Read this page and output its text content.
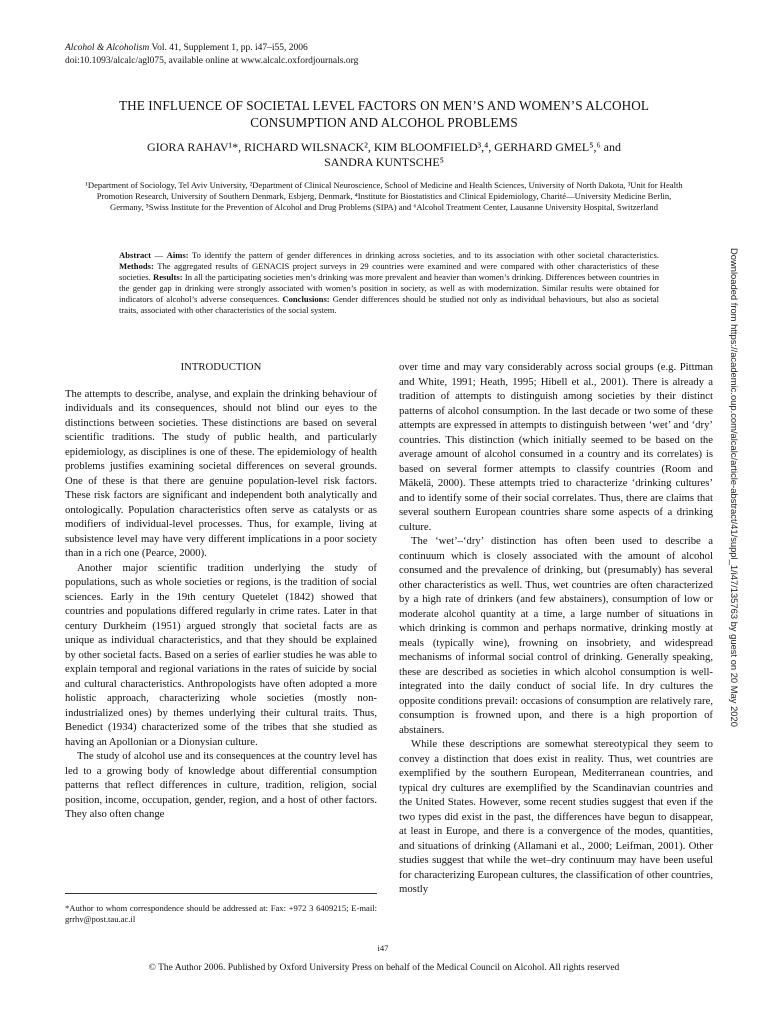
Alcohol & Alcoholism Vol. 41, Supplement 1, pp. i47–i55, 2006
doi:10.1093/alcalc/agl075, available online at www.alcalc.oxfordjournals.org
THE INFLUENCE OF SOCIETAL LEVEL FACTORS ON MEN’S AND WOMEN’S ALCOHOL
CONSUMPTION AND ALCOHOL PROBLEMS
GIORA RAHAV¹*, RICHARD WILSNACK², KIM BLOOMFIELD³,⁴, GERHARD GMEL⁵,⁶ and
SANDRA KUNTSCHE⁵
¹Department of Sociology, Tel Aviv University, ²Department of Clinical Neuroscience, School of Medicine and Health Sciences, University of North Dakota, ³Unit for Health Promotion Research, University of Southern Denmark, Esbjerg, Denmark, ⁴Institute for Biostatistics and Clinical Epidemiology, Charité—University Medicine Berlin, Germany, ⁵Swiss Institute for the Prevention of Alcohol and Drug Problems (SIPA) and ⁶Alcohol Treatment Center, Lausanne University Hospital, Switzerland
Abstract — Aims: To identify the pattern of gender differences in drinking across societies, and to its association with other societal characteristics. Methods: The aggregated results of GENACIS project surveys in 29 countries were examined and were compared with other characteristics of these societies. Results: In all the participating societies men’s drinking was more prevalent and heavier than women’s drinking. Differences between countries in the gender gap in drinking were strongly associated with women’s position in society, as well as with modernization. Similar results were obtained for indicators of alcohol’s adverse consequences. Conclusions: Gender differences should be studied not only as individual behaviours, but also as societal traits, associated with other characteristics of the social system.	Downloaded from https://academic.oup.com/alcalc/article-abstract/41/suppl_1/i47/135763 by guest on 20 May 2020
INTRODUCTION

The attempts to describe, analyse, and explain the drinking behaviour of individuals and its consequences, should not blind our eyes to the distinctions between societies. These distinctions are based on several scientific traditions. The study of public health, and particularly epidemiology, as disciplines is one of these. The epidemiology of health problems justifies examining societal differences on several grounds. One of these is that there are genuine population-level risk factors. These risk factors are significant and independent both analytically and ontologically. Population characteristics often serve as catalysts or as modifiers of individual-level processes. Thus, for example, living at subsistence level may have very different implications in a poor society than in a rich one (Pearce, 2000).

Another major scientific tradition underlying the study of populations, such as whole societies or regions, is the tradition of social sciences. Early in the 19th century Quetelet (1842) showed that countries and populations differed regularly in crime rates. Later in that century Durkheim (1951) argued strongly that societal facts are as unique as individual characteristics, and that they should be explained by other societal facts. Based on a series of earlier studies he was able to explain temporal and regional variations in the rates of suicide by social and cultural characteristics. Anthropologists have often adopted a more holistic approach, characterizing whole societies (mostly non-industrialized ones) by themes underlying their cultural traits. Thus, Benedict (1934) characterized some of the tribes that she studied as having an Apollonian or a Dionysian culture.

The study of alcohol use and its consequences at the country level has led to a growing body of knowledge about differential consumption patterns that reflect differences in culture, tradition, religion, social position, income, occupation, gender, region, and a host of other factors. They also often change

over time and may vary considerably across social groups (e.g. Pittman and White, 1991; Heath, 1995; Hibell et al., 2001). There is already a tradition of attempts to distinguish among societies by their distinct patterns of alcohol consumption. In the last decade or two some of these attempts are expressed in attempts to distinguish between ‘wet’ and ‘dry’ countries. This distinction (which initially seemed to be based on the average amount of alcohol consumed in a country and its correlates) is based on several former attempts to classify countries (Room and Mäkelä, 2000). These attempts tried to characterize ‘drinking cultures’ and to identify some of their social correlates. Thus, there are claims that several southern European countries share some aspects of a drinking culture.

The ‘wet’–‘dry’ distinction has often been used to describe a continuum which is closely associated with the amount of alcohol consumed and the prevalence of drinking, but (presumably) has several other characteristics as well. Thus, wet countries are often characterized by a high rate of drinkers (and few abstainers), consumption of low or moderate alcohol quantity at a time, a large number of situations in which drinking is common and perhaps normative, drinking mostly at meals (typically wine), frowning on insobriety, and widespread mechanisms of informal social control of drinking. Generally speaking, these are described as societies in which alcohol consumption is well-integrated into the daily conduct of social life. In dry cultures the opposite conditions prevail: occasions of consumption are relatively rare, consumption is frowned upon, and there is a high proportion of abstainers.

While these descriptions are somewhat stereotypical they seem to convey a distinction that does exist in reality. Thus, wet countries are exemplified by the southern European, Mediterranean countries, and typical dry cultures are exemplified by the Scandinavian countries and the United States. However, some recent studies suggest that even if the two types did exist in the past, the differences have begun to disappear, at least in Europe, and there is a convergence of the modes, quantities, and situations of drinking (Allamani et al., 2000; Leifman, 2001). Other studies suggest that while the wet–dry continuum may have been useful for characterizing European cultures, the classification of other countries, mostly

*Author to whom correspondence should be addressed at: Fax: +972 3 6409215; E-mail: grrhv@post.tau.ac.il
i47
© The Author 2006. Published by Oxford University Press on behalf of the Medical Council on Alcohol. All rights reserved
